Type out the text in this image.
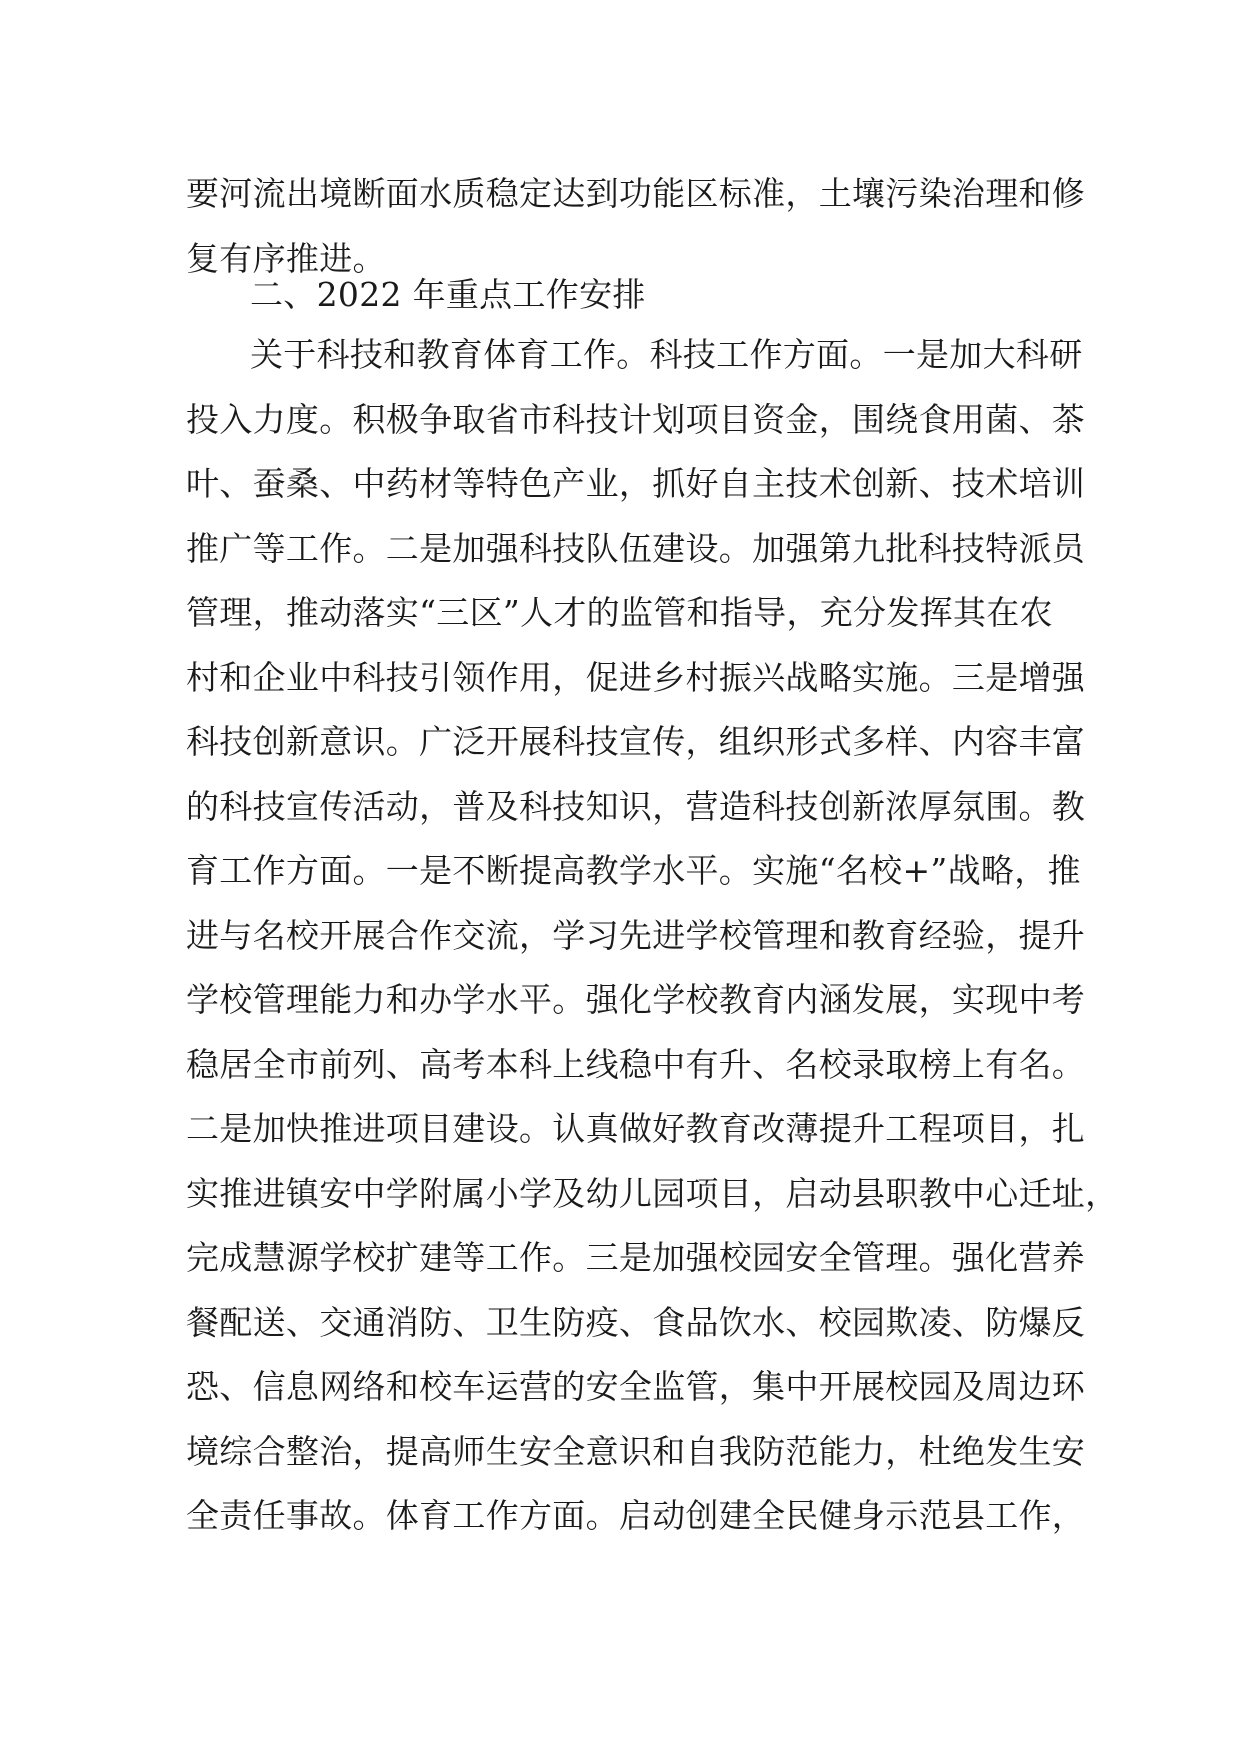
要河流出境断面水质稳定达到功能区标准，土壤污染治理和修
复有序推进。
二、2022 年重点工作安排
关于科技和教育体育工作。科技工作方面。一是加大科研
投入力度。积极争取省市科技计划项目资金，围绕食用菌、茶
叶、蚕桑、中药材等特色产业，抓好自主技术创新、技术培训
推广等工作。二是加强科技队伍建设。加强第九批科技特派员
管理，推动落实“三区”人才的监管和指导，充分发挥其在农
村和企业中科技引领作用，促进乡村振兴战略实施。三是增强
科技创新意识。广泛开展科技宣传，组织形式多样、内容丰富
的科技宣传活动，普及科技知识，营造科技创新浓厚氛围。教
育工作方面。一是不断提高教学水平。实施“名校+”战略，推
进与名校开展合作交流，学习先进学校管理和教育经验，提升
学校管理能力和办学水平。强化学校教育内涵发展，实现中考
稳居全市前列、高考本科上线稳中有升、名校录取榜上有名。
二是加快推进项目建设。认真做好教育改薄提升工程项目，扎
实推进镇安中学附属小学及幼儿园项目，启动县职教中心迁址，
完成慧源学校扩建等工作。三是加强校园安全管理。强化营养
餐配送、交通消防、卫生防疫、食品饮水、校园欺凌、防爆反
恐、信息网络和校车运营的安全监管，集中开展校园及周边环
境综合整治，提高师生安全意识和自我防范能力，杜绝发生安
全责任事故。体育工作方面。启动创建全民健身示范县工作，
